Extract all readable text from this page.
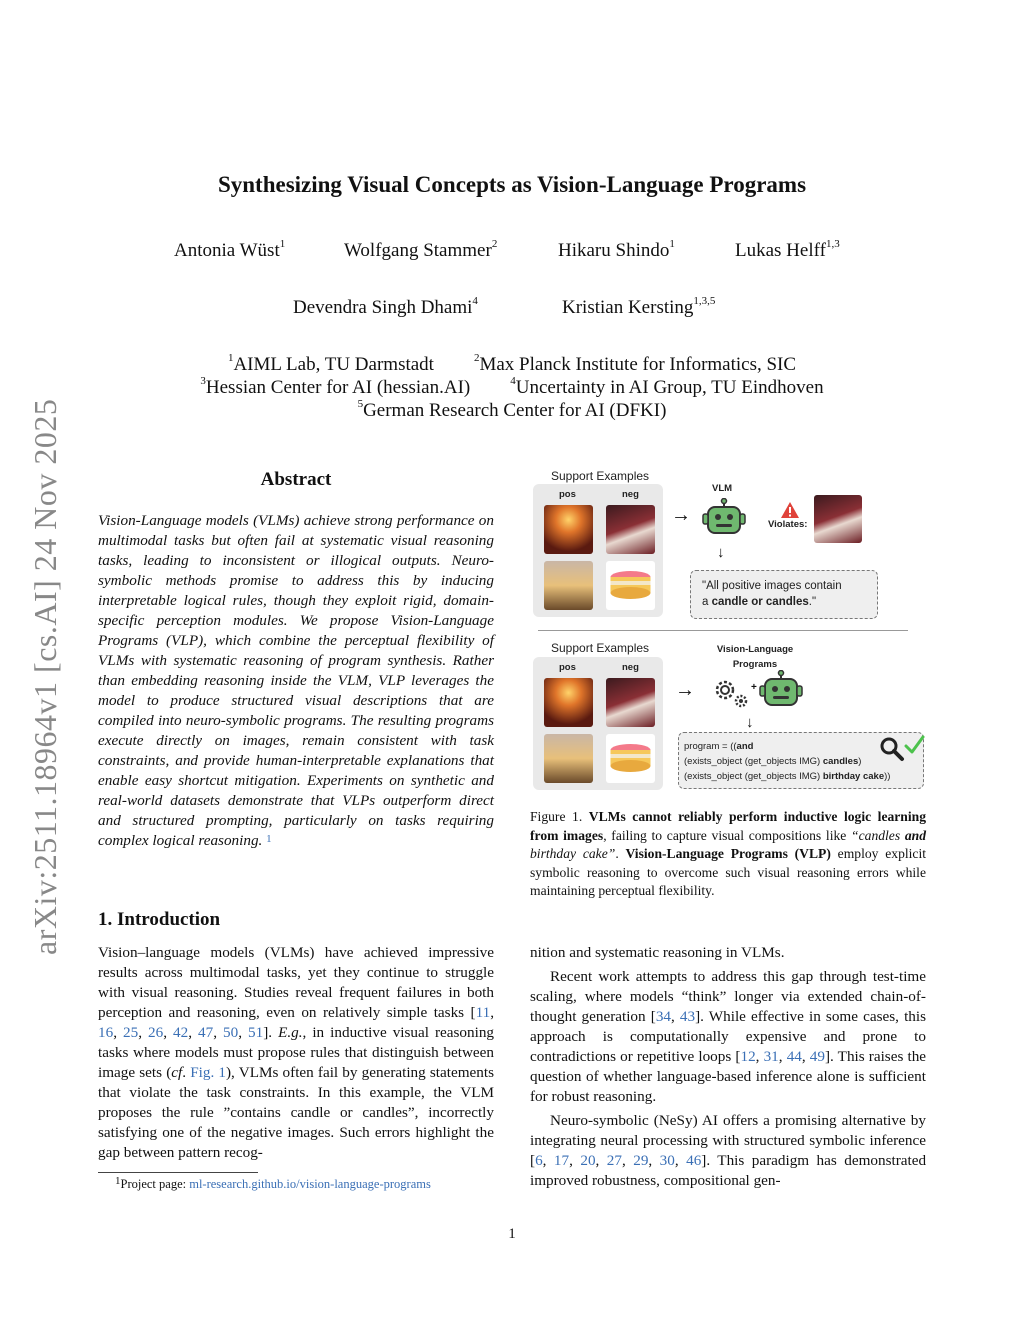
arXiv:2511.18964v1 [cs.AI] 24 Nov 2025
Synthesizing Visual Concepts as Vision-Language Programs
Antonia Wüst$^1$	Wolfgang Stammer$^2$	Hikaru Shindo$^1$	Lukas Helff$^{1,3}$
Devendra Singh Dhami$^4$	Kristian Kersting$^{1,3,5}$
$^1$AIML Lab, TU Darmstadt	$^2$Max Planck Institute for Informatics, SIC
$^3$Hessian Center for AI (hessian.AI)	$^4$Uncertainty in AI Group, TU Eindhoven
$^5$German Research Center for AI (DFKI)
Abstract
Vision-Language models (VLMs) achieve strong performance on multimodal tasks but often fail at systematic visual reasoning tasks, leading to inconsistent or illogical outputs. Neuro-symbolic methods promise to address this by inducing interpretable logical rules, though they exploit rigid, domain-specific perception modules. We propose Vision-Language Programs (VLP), which combine the perceptual flexibility of VLMs with systematic reasoning of program synthesis. Rather than embedding reasoning inside the VLM, VLP leverages the model to produce structured visual descriptions that are compiled into neuro-symbolic programs. The resulting programs execute directly on images, remain consistent with task constraints, and provide human-interpretable explanations that enable easy shortcut mitigation. Experiments on synthetic and real-world datasets demonstrate that VLPs outperform direct and structured prompting, particularly on tasks requiring complex logical reasoning. $^1$
1. Introduction
Vision–language models (VLMs) have achieved impressive results across multimodal tasks, yet they continue to struggle with visual reasoning. Studies reveal frequent failures in both perception and reasoning, even on relatively simple tasks [11, 16, 25, 26, 42, 47, 50, 51]. E.g., in inductive visual reasoning tasks where models must propose rules that distinguish between image sets (cf. Fig. 1), VLMs often fail by generating statements that violate the task constraints. In this example, the VLM proposes the rule ”contains candle or candles”, incorrectly satisfying one of the negative images. Such errors highlight the gap between pattern recog-

nition and systematic reasoning in VLMs.

Recent work attempts to address this gap through test-time scaling, where models “think” longer via extended chain-of-thought generation [34, 43]. While effective in some cases, this approach is computationally expensive and prone to contradictions or repetitive loops [12, 31, 44, 49]. This raises the question of whether language-based inference alone is sufficient for robust reasoning.

Neuro-symbolic (NeSy) AI offers a promising alternative by integrating neural processing with structured symbolic inference [6, 17, 20, 27, 29, 30, 46]. This paradigm has demonstrated improved robustness, compositional gen-

$^1$Project page: ml-research.github.io/vision-language-programs
1
Support Examples
pos	neg
→
VLM
↓
Violates:
"All positive images contain
a candle or candles."
Support Examples
pos	neg
→
Vision-Language
Programs
+
↓
program = ((and
(exists_object (get_objects IMG) candles)
(exists_object (get_objects IMG) birthday cake))
Figure 1. VLMs cannot reliably perform inductive logic learning from images, failing to capture visual compositions like “candles and birthday cake”. Vision-Language Programs (VLP) employ explicit symbolic reasoning to overcome such visual reasoning errors while maintaining perceptual flexibility.
